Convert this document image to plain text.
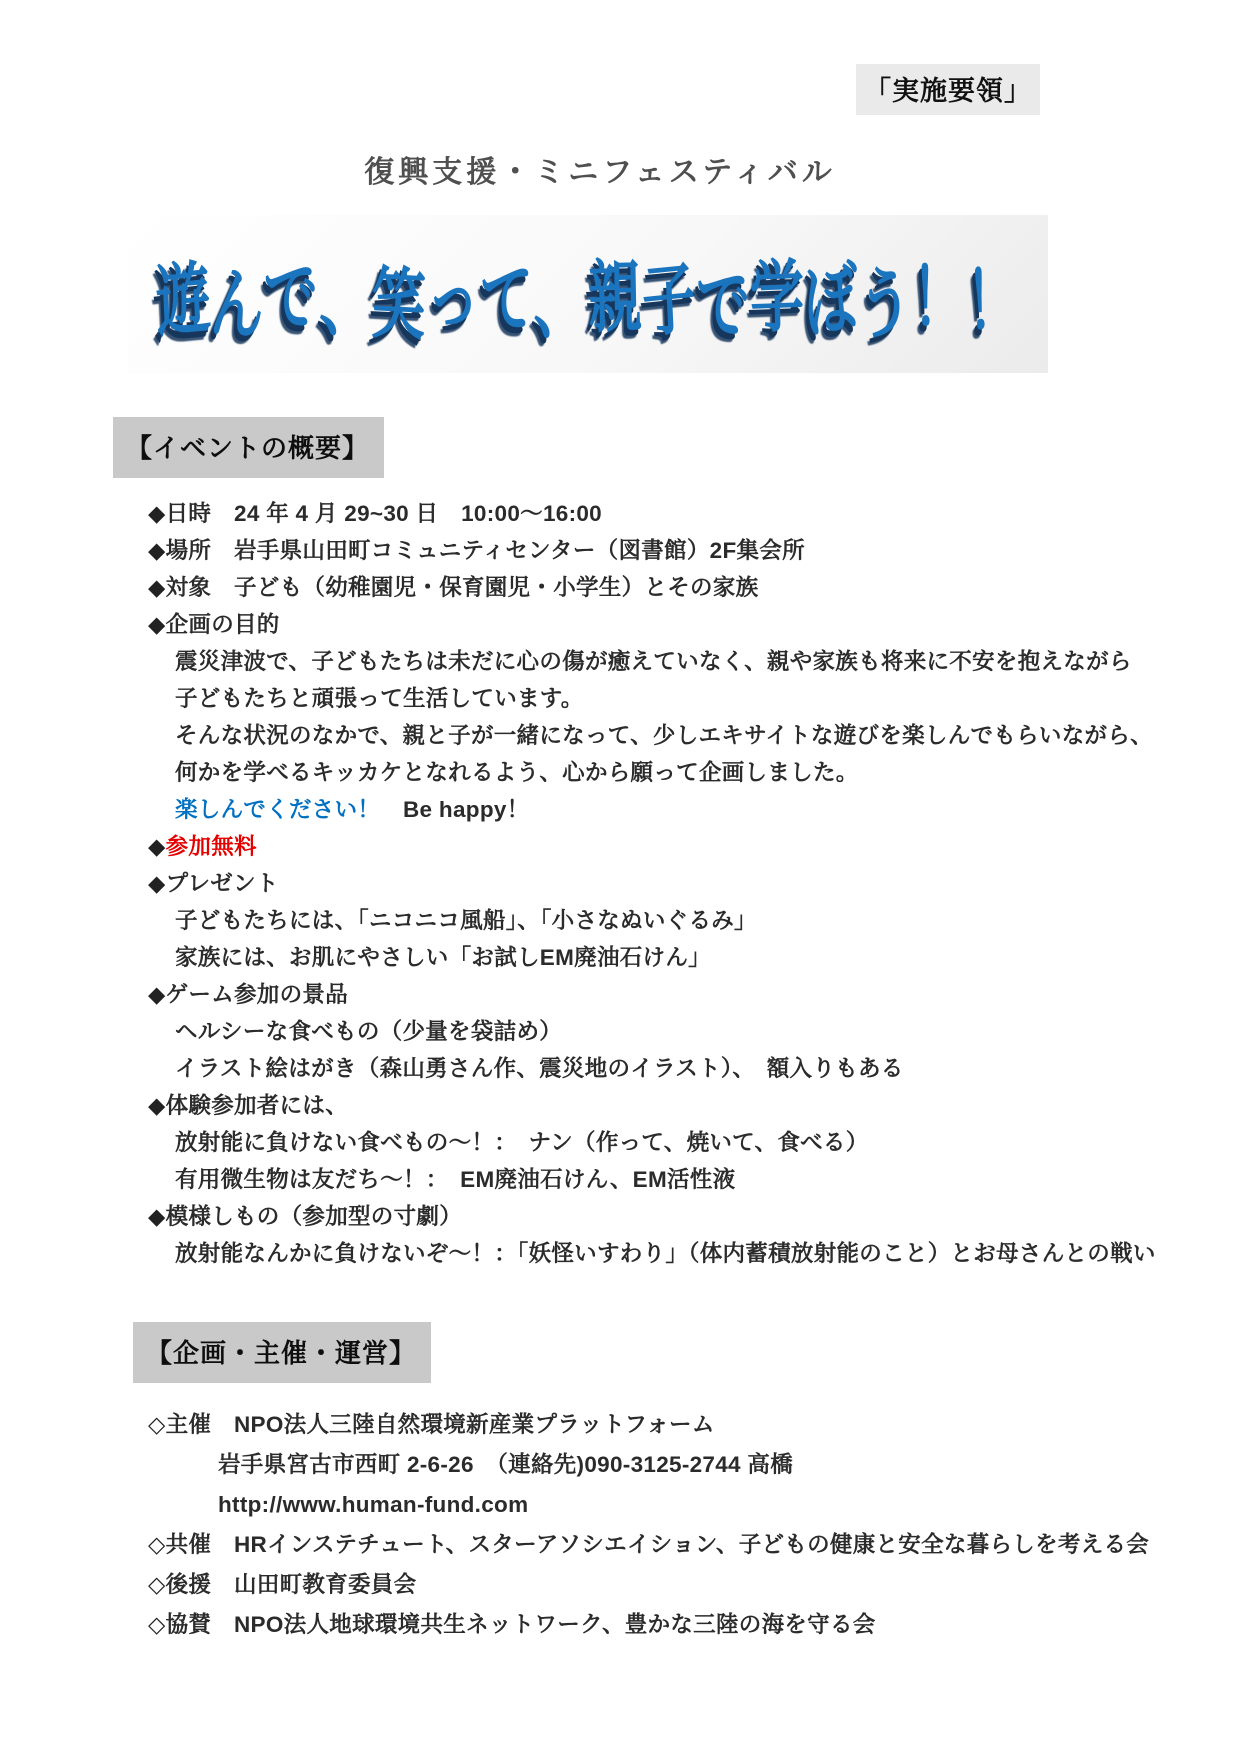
「実施要領」
復興支援・ミニフェスティバル
遊んで、笑って、親子で学ぼう！！
【イベントの概要】
◆日時　24 年 4 月 29~30 日　10:00～16:00
◆場所　岩手県山田町コミュニティセンター（図書館）2F集会所
◆対象　子ども（幼稚園児・保育園児・小学生）とその家族
◆企画の目的
震災津波で、子どもたちは未だに心の傷が癒えていなく、親や家族も将来に不安を抱えながら
子どもたちと頑張って生活しています。
そんな状況のなかで、親と子が一緒になって、少しエキサイトな遊びを楽しんでもらいながら、
何かを学べるキッカケとなれるよう、心から願って企画しました。
楽しんでください！　Be happy！
◆参加無料
◆プレゼント
子どもたちには、「ニコニコ風船」、「小さなぬいぐるみ」
家族には、お肌にやさしい「お試しEM廃油石けん」
◆ゲーム参加の景品
ヘルシーな食べもの（少量を袋詰め）
イラスト絵はがき（森山勇さん作、震災地のイラスト）、　額入りもある
◆体験参加者には、
放射能に負けない食べもの～！：　ナン（作って、焼いて、食べる）
有用微生物は友だち～！：　EM廃油石けん、EM活性液
◆模様しもの（参加型の寸劇）
放射能なんかに負けないぞ～！：「妖怪いすわり」（体内蓄積放射能のこと）とお母さんとの戦い
【企画・主催・運営】
◇主催　NPO法人三陸自然環境新産業プラットフォーム
岩手県宮古市西町 2-6-26　（連絡先)090-3125-2744 高橋
http://www.human-fund.com
◇共催　HRインステチュート、スターアソシエイション、子どもの健康と安全な暮らしを考える会
◇後援　山田町教育委員会
◇協賛　NPO法人地球環境共生ネットワーク、豊かな三陸の海を守る会
